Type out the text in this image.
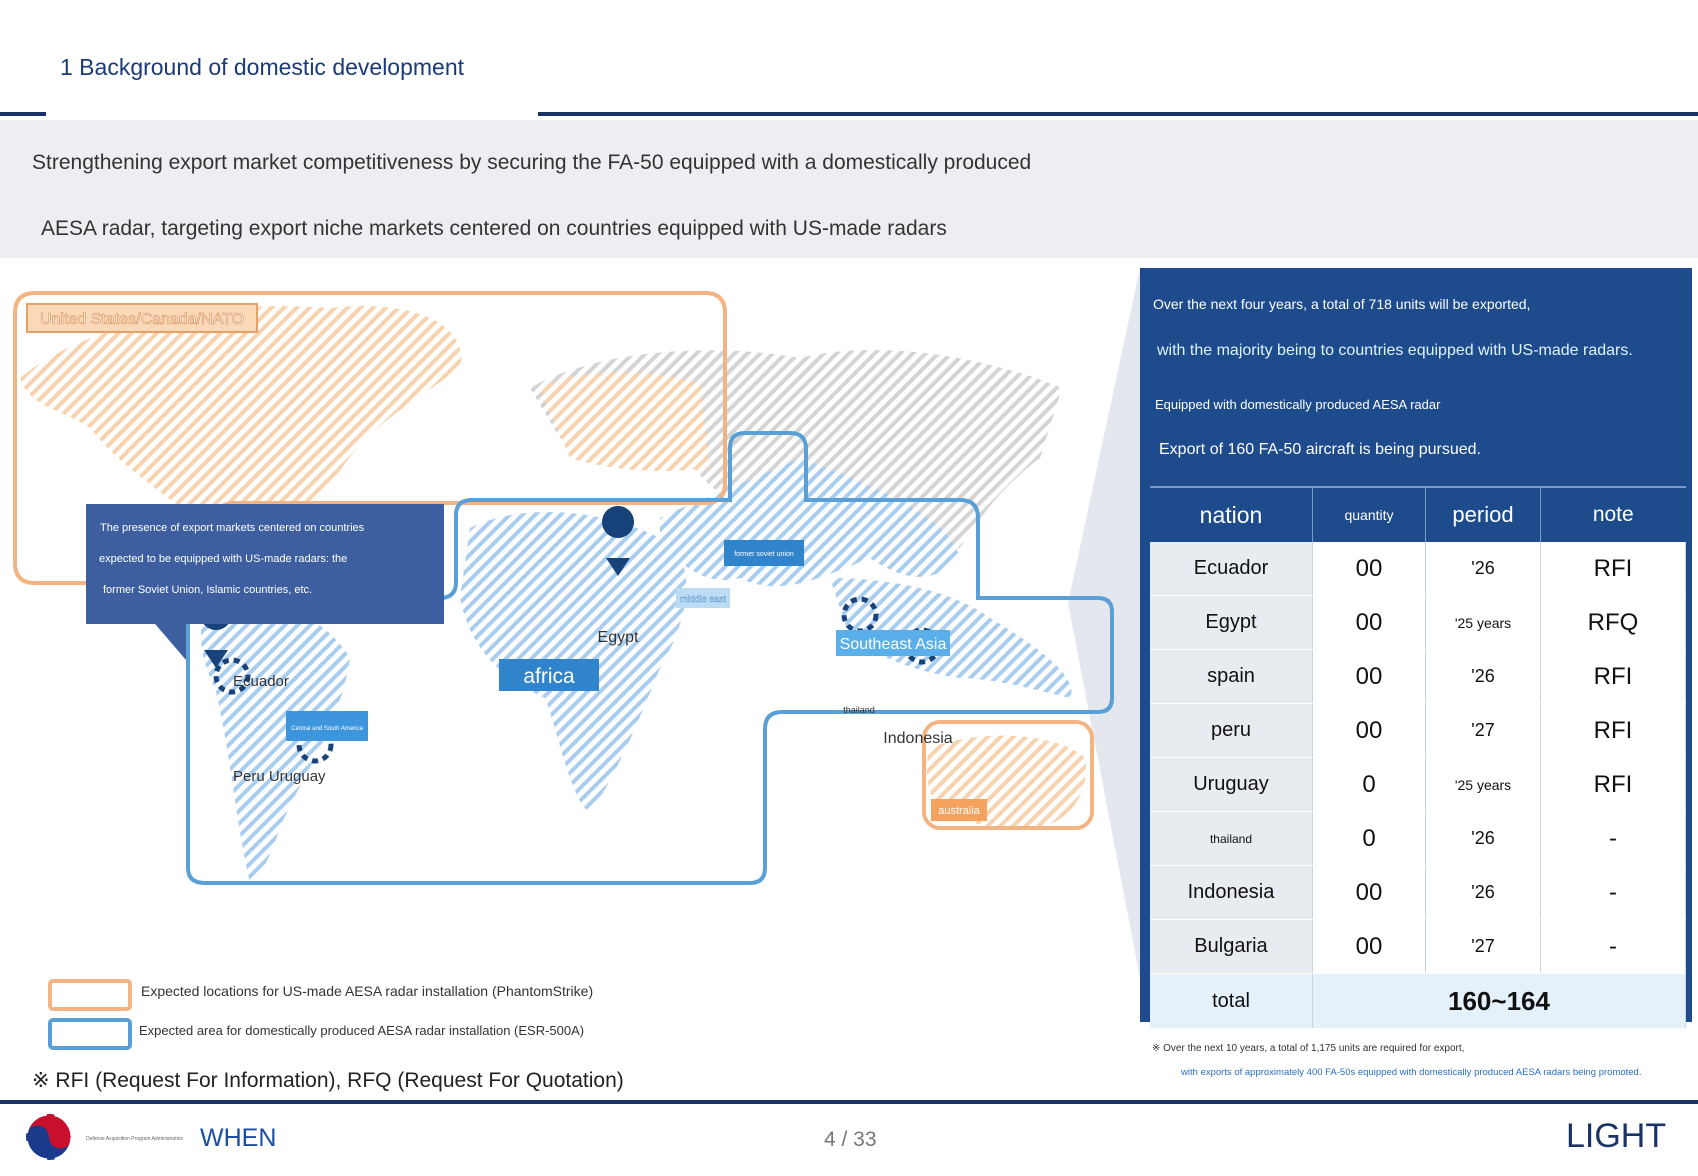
1 Background of domestic development
Strengthening export market competitiveness by securing the FA-50 equipped with a domestically produced
AESA radar, targeting export niche markets centered on countries equipped with US-made radars
United States/Canada/NATO
former soviet union
middle east
Egypt
africa
Southeast Asia
thailand
Indonesia
Ecuador
Central and South America
Peru Uruguay
australia
The presence of export markets centered on countries
expected to be equipped with US-made radars: the
former Soviet Union, Islamic countries, etc.
Over the next four years, a total of 718 units will be exported,
with the majority being to countries equipped with US-made radars.
Equipped with domestically produced AESA radar
Export of 160 FA-50 aircraft is being pursued.
nation	quantity	period	note
Ecuador	00	'26	RFI
Egypt	00	'25 years	RFQ
spain	00	'26	RFI
peru	00	'27	RFI
Uruguay	0	'25 years	RFI
thailand	0	'26	-
Indonesia	00	'26	-
Bulgaria	00	'27	-
total	160~164		
※ Over the next 10 years, a total of 1,175 units are required for export,
with exports of approximately 400 FA-50s equipped with domestically produced AESA radars being promoted.
Expected locations for US-made AESA radar installation (PhantomStrike)
Expected area for domestically produced AESA radar installation (ESR-500A)
※ RFI (Request For Information), RFQ (Request For Quotation)
Defense Acquisition Program Administration WHEN	4 / 33	LIGHT
